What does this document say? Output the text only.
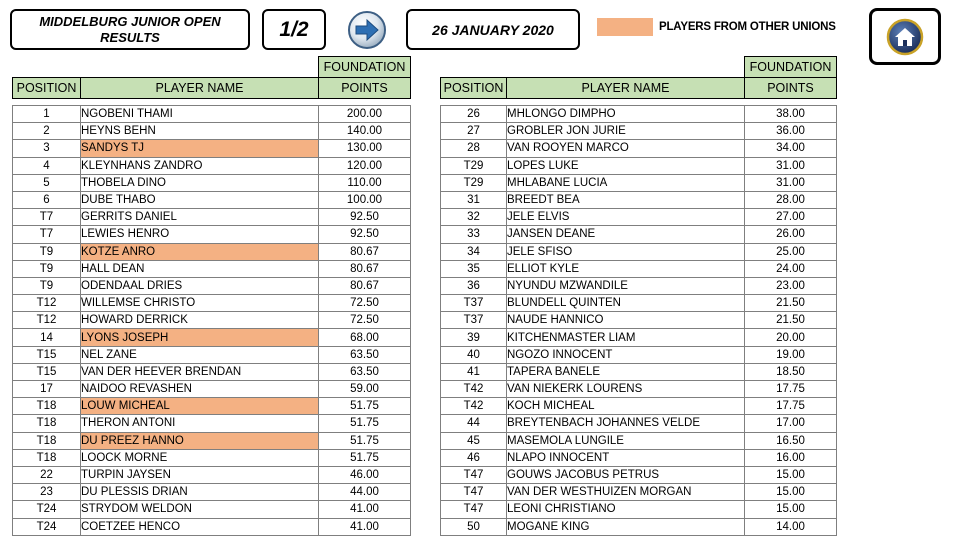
MIDDELBURG JUNIOR OPEN RESULTS	1/2	26 JANUARY 2020	PLAYERS FROM OTHER UNIONS
		FOUNDATION
POSITION	PLAYER NAME	POINTS

1	NGOBENI THAMI	200.00
2	HEYNS BEHN	140.00
3	SANDYS TJ	130.00
4	KLEYNHANS ZANDRO	120.00
5	THOBELA DINO	110.00
6	DUBE THABO	100.00
T7	GERRITS DANIEL	92.50
T7	LEWIES HENRO	92.50
T9	KOTZE ANRO	80.67
T9	HALL DEAN	80.67
T9	ODENDAAL DRIES	80.67
T12	WILLEMSE CHRISTO	72.50
T12	HOWARD DERRICK	72.50
14	LYONS JOSEPH	68.00
T15	NEL ZANE	63.50
T15	VAN DER HEEVER BRENDAN	63.50
17	NAIDOO REVASHEN	59.00
T18	LOUW MICHEAL	51.75
T18	THERON ANTONI	51.75
T18	DU PREEZ HANNO	51.75
T18	LOOCK MORNE	51.75
22	TURPIN JAYSEN	46.00
23	DU PLESSIS DRIAN	44.00
T24	STRYDOM WELDON	41.00
T24	COETZEE HENCO	41.00
		FOUNDATION
POSITION	PLAYER NAME	POINTS

26	MHLONGO DIMPHO	38.00
27	GROBLER JON JURIE	36.00
28	VAN ROOYEN MARCO	34.00
T29	LOPES LUKE	31.00
T29	MHLABANE LUCIA	31.00
31	BREEDT BEA	28.00
32	JELE ELVIS	27.00
33	JANSEN DEANE	26.00
34	JELE SFISO	25.00
35	ELLIOT KYLE	24.00
36	NYUNDU MZWANDILE	23.00
T37	BLUNDELL QUINTEN	21.50
T37	NAUDE HANNICO	21.50
39	KITCHENMASTER LIAM	20.00
40	NGOZO INNOCENT	19.00
41	TAPERA BANELE	18.50
T42	VAN NIEKERK LOURENS	17.75
T42	KOCH MICHEAL	17.75
44	BREYTENBACH JOHANNES VELDE	17.00
45	MASEMOLA LUNGILE	16.50
46	NLAPO INNOCENT	16.00
T47	GOUWS JACOBUS PETRUS	15.00
T47	VAN DER WESTHUIZEN MORGAN	15.00
T47	LEONI CHRISTIANO	15.00
50	MOGANE KING	14.00
